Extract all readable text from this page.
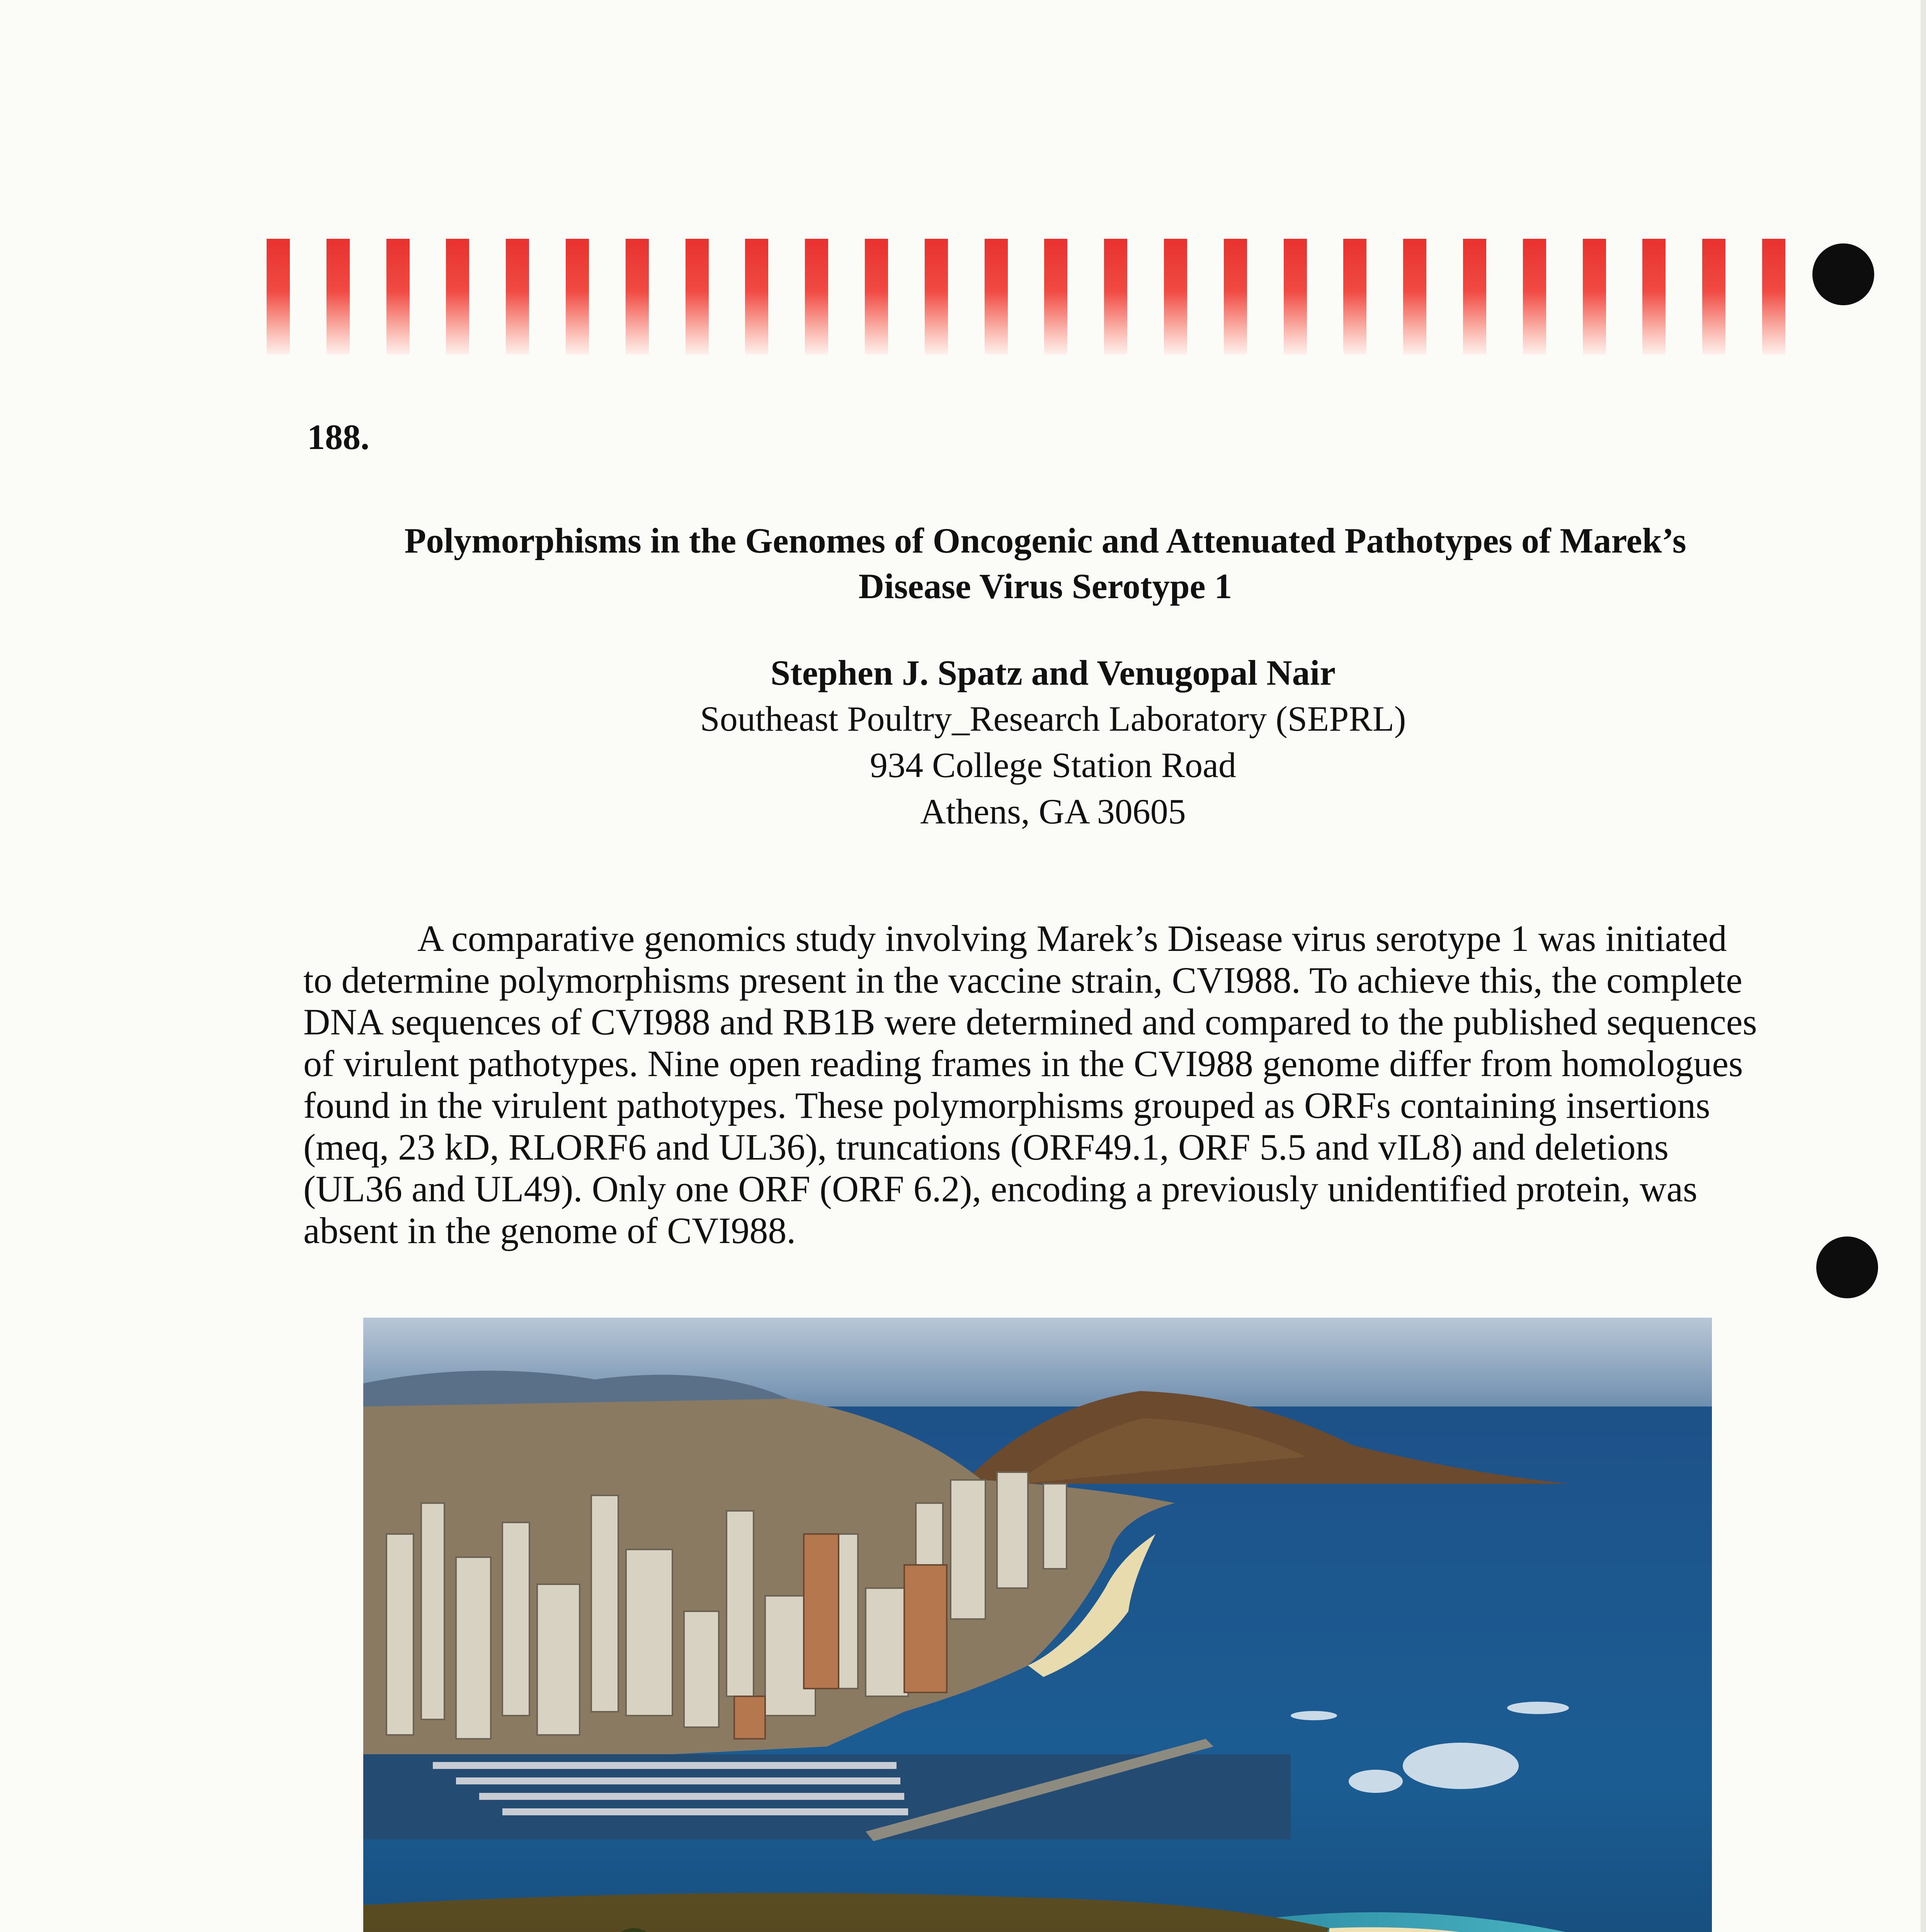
188.
Polymorphisms in the Genomes of Oncogenic and Attenuated Pathotypes of Marek’s
Disease Virus Serotype 1
Stephen J. Spatz and Venugopal Nair
Southeast Poultry_Research Laboratory (SEPRL)
934 College Station Road
Athens, GA 30605
A comparative genomics study involving Marek’s Disease virus serotype 1 was initiated
to determine polymorphisms present in the vaccine strain, CVI988. To achieve this, the complete
DNA sequences of CVI988 and RB1B were determined and compared to the published sequences
of virulent pathotypes. Nine open reading frames in the CVI988 genome differ from homologues
found in the virulent pathotypes. These polymorphisms grouped as ORFs containing insertions
(meq, 23 kD, RLORF6 and UL36), truncations (ORF49.1, ORF 5.5 and vIL8) and deletions
(UL36 and UL49). Only one ORF (ORF 6.2), encoding a previously unidentified protein, was
absent in the genome of CVI988.
